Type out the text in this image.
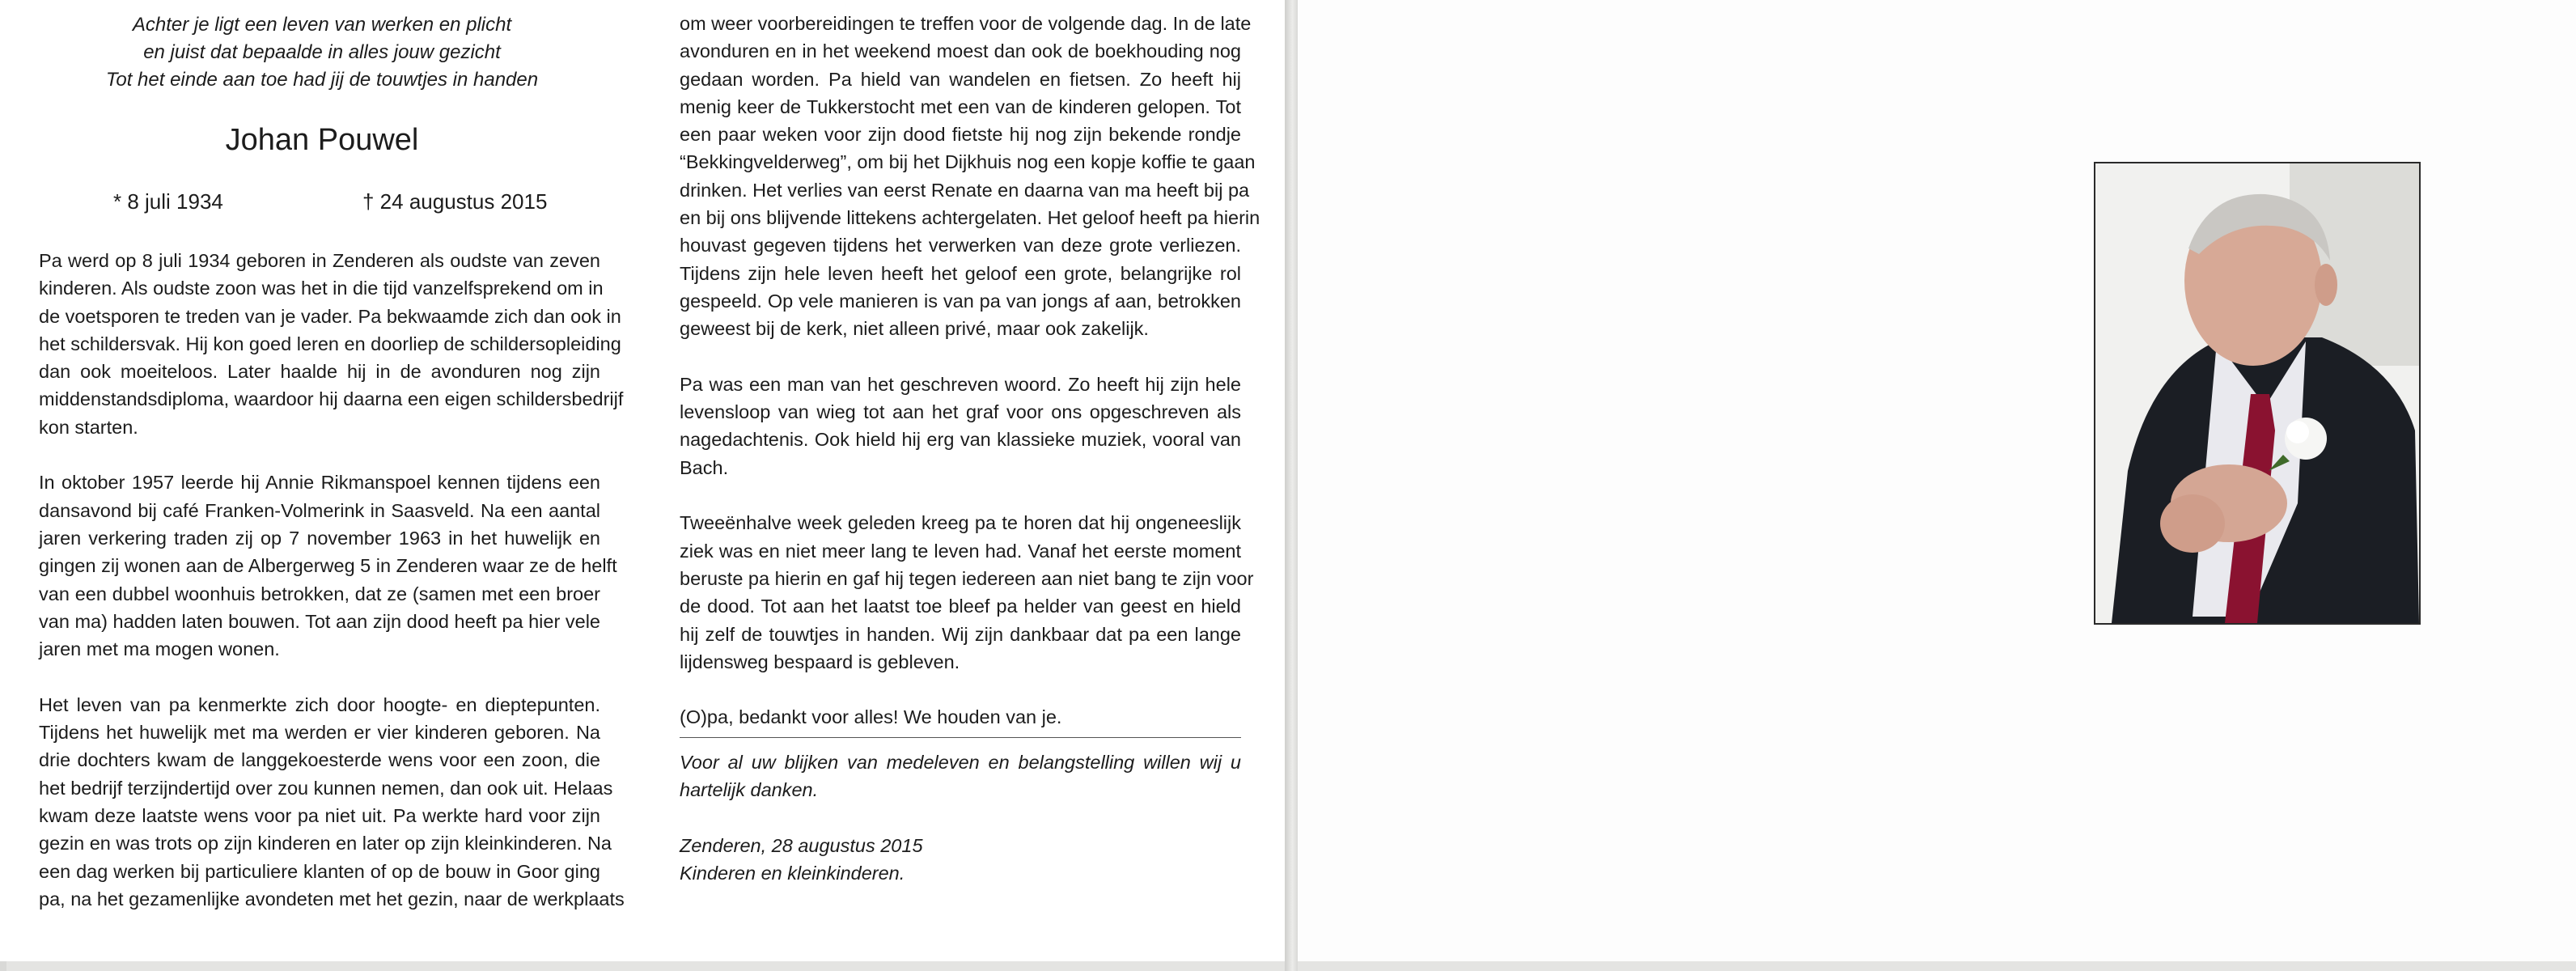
Achter je ligt een leven van werken en plicht
en juist dat bepaalde in alles jouw gezicht
Tot het einde aan toe had jij de touwtjes in handen
Johan Pouwel
* 8 juli 1934	† 24 augustus 2015
Pa werd op 8 juli 1934 geboren in Zenderen als oudste van zeven
kinderen. Als oudste zoon was het in die tijd vanzelfsprekend om in
de voetsporen te treden van je vader. Pa bekwaamde zich dan ook in
het schildersvak. Hij kon goed leren en doorliep de schildersopleiding
dan ook moeiteloos. Later haalde hij in de avonduren nog zijn
middenstandsdiploma, waardoor hij daarna een eigen schildersbedrijf
kon starten.
In oktober 1957 leerde hij Annie Rikmanspoel kennen tijdens een
dansavond bij café Franken-Volmerink in Saasveld. Na een aantal
jaren verkering traden zij op 7 november 1963 in het huwelijk en
gingen zij wonen aan de Albergerweg 5 in Zenderen waar ze de helft
van een dubbel woonhuis betrokken, dat ze (samen met een broer
van ma) hadden laten bouwen. Tot aan zijn dood heeft pa hier vele
jaren met ma mogen wonen.
Het leven van pa kenmerkte zich door hoogte- en dieptepunten.
Tijdens het huwelijk met ma werden er vier kinderen geboren. Na
drie dochters kwam de langgekoesterde wens voor een zoon, die
het bedrijf terzijndertijd over zou kunnen nemen, dan ook uit. Helaas
kwam deze laatste wens voor pa niet uit. Pa werkte hard voor zijn
gezin en was trots op zijn kinderen en later op zijn kleinkinderen. Na
een dag werken bij particuliere klanten of op de bouw in Goor ging
pa, na het gezamenlijke avondeten met het gezin, naar de werkplaats
om weer voorbereidingen te treffen voor de volgende dag. In de late
avonduren en in het weekend moest dan ook de boekhouding nog
gedaan worden. Pa hield van wandelen en fietsen. Zo heeft hij
menig keer de Tukkerstocht met een van de kinderen gelopen. Tot
een paar weken voor zijn dood fietste hij nog zijn bekende rondje
“Bekkingvelderweg”, om bij het Dijkhuis nog een kopje koffie te gaan
drinken. Het verlies van eerst Renate en daarna van ma heeft bij pa
en bij ons blijvende littekens achtergelaten. Het geloof heeft pa hierin
houvast gegeven tijdens het verwerken van deze grote verliezen.
Tijdens zijn hele leven heeft het geloof een grote, belangrijke rol
gespeeld. Op vele manieren is van pa van jongs af aan, betrokken
geweest bij de kerk, niet alleen privé, maar ook zakelijk.
Pa was een man van het geschreven woord. Zo heeft hij zijn hele
levensloop van wieg tot aan het graf voor ons opgeschreven als
nagedachtenis. Ook hield hij erg van klassieke muziek, vooral van
Bach.
Tweeënhalve week geleden kreeg pa te horen dat hij ongeneeslijk
ziek was en niet meer lang te leven had. Vanaf het eerste moment
beruste pa hierin en gaf hij tegen iedereen aan niet bang te zijn voor
de dood. Tot aan het laatst toe bleef pa helder van geest en hield
hij zelf de touwtjes in handen. Wij zijn dankbaar dat pa een lange
lijdensweg bespaard is gebleven.
(O)pa, bedankt voor alles! We houden van je.
Voor al uw blijken van medeleven en belangstelling willen wij u
hartelijk danken.
Zenderen, 28 augustus 2015
Kinderen en kleinkinderen.
